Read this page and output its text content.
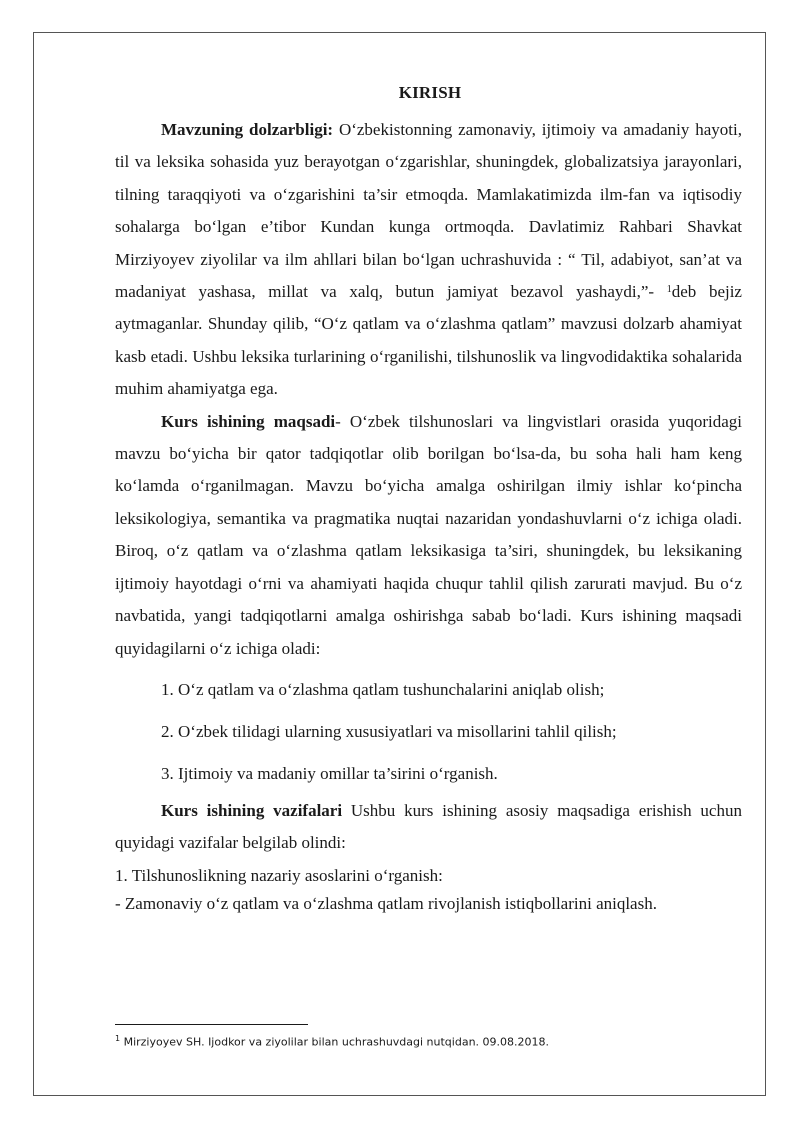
KIRISH

Mavzuning dolzarbligi: O‘zbekistonning zamonaviy, ijtimoiy va amadaniy hayoti, til va leksika sohasida yuz berayotgan o‘zgarishlar, shuningdek, globalizatsiya jarayonlari, tilning taraqqiyoti va o‘zgarishini ta’sir etmoqda. Mamlakatimizda ilm-fan va iqtisodiy sohalarga bo‘lgan e’tibor Kundan kunga ortmoqda. Davlatimiz Rahbari Shavkat Mirziyoyev ziyolilar va ilm ahllari bilan bo‘lgan uchrashuvida : “ Til, adabiyot, san’at va madaniyat yashasa, millat va xalq, butun jamiyat bezavol yashaydi,”- $^1$deb bejiz aytmaganlar. Shunday qilib, “O‘z qatlam va o‘zlashma qatlam” mavzusi dolzarb ahamiyat kasb etadi. Ushbu leksika turlarining o‘rganilishi, tilshunoslik va lingvodidaktika sohalarida muhim ahamiyatga ega.

Kurs ishining maqsadi- O‘zbek tilshunoslari va lingvistlari orasida yuqoridagi mavzu bo‘yicha bir qator tadqiqotlar olib borilgan bo‘lsa-da, bu soha hali ham keng ko‘lamda o‘rganilmagan. Mavzu bo‘yicha amalga oshirilgan ilmiy ishlar ko‘pincha leksikologiya, semantika va pragmatika nuqtai nazaridan yondashuvlarni o‘z ichiga oladi. Biroq, o‘z qatlam va o‘zlashma qatlam leksikasiga ta’siri, shuningdek, bu leksikaning ijtimoiy hayotdagi o‘rni va ahamiyati haqida chuqur tahlil qilish zarurati mavjud. Bu o‘z navbatida, yangi tadqiqotlarni amalga oshirishga sabab bo‘ladi. Kurs ishining maqsadi quyidagilarni o‘z ichiga oladi:

1. O‘z qatlam va o‘zlashma qatlam tushunchalarini aniqlab olish;

2. O‘zbek tilidagi ularning xususiyatlari va misollarini tahlil qilish;

3. Ijtimoiy va madaniy omillar ta’sirini o‘rganish.

Kurs ishining vazifalari Ushbu kurs ishining asosiy maqsadiga erishish uchun quyidagi vazifalar belgilab olindi:

1. Tilshunoslikning nazariy asoslarini o‘rganish:

- Zamonaviy o‘z qatlam va o‘zlashma qatlam rivojlanish istiqbollarini aniqlash.

$^1$ Mirziyoyev SH. Ijodkor va ziyolilar bilan uchrashuvdagi nutqidan. 09.08.2018.
